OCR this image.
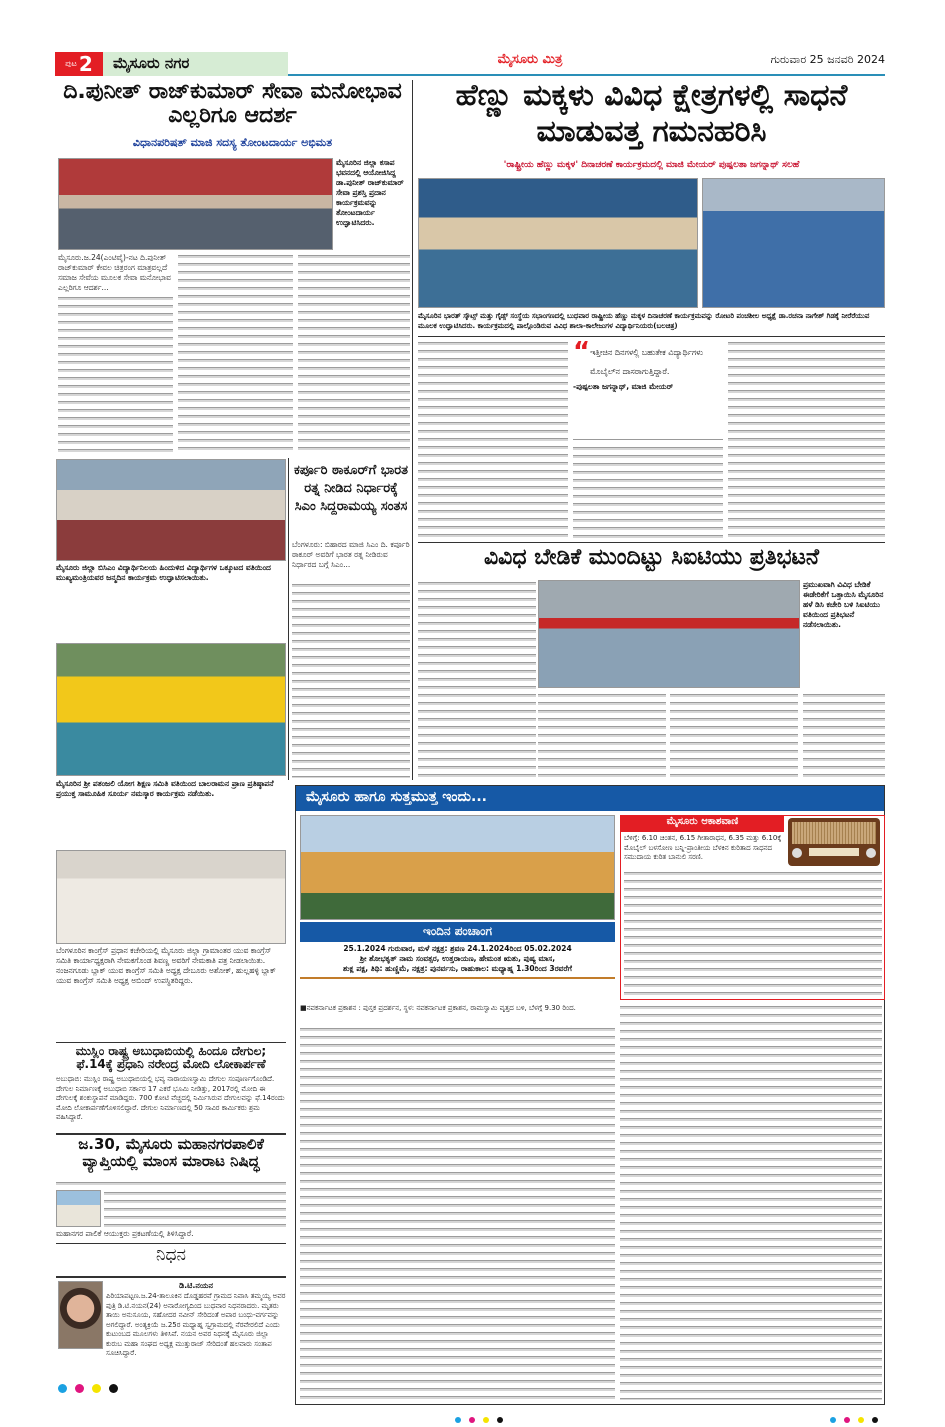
ಪುಟ 2	ಮೈಸೂರು ನಗರ	ಮೈಸೂರು ಮಿತ್ರ	ಗುರುವಾರ 25 ಜನವರಿ 2024
ದಿ.ಪುನೀತ್ ರಾಜ್‌ಕುಮಾರ್ ಸೇವಾ ಮನೋಭಾವ ಎಲ್ಲರಿಗೂ ಆದರ್ಶ
ವಿಧಾನಪರಿಷತ್ ಮಾಜಿ ಸದಸ್ಯ ತೋಂಟದಾರ್ಯ ಅಭಿಮತ
ಮೈಸೂರಿನ ಜಿಲ್ಲಾ ಕಸಾಪ ಭವನದಲ್ಲಿ ಆಯೋಜಿಸಿದ್ದ ಡಾ.ಪುನೀತ್ ರಾಜ್‌ಕುಮಾರ್ ಸೇವಾ ಪ್ರಶಸ್ತಿ ಪ್ರದಾನ ಕಾರ್ಯಕ್ರಮವನ್ನು ತೋಂಟದಾರ್ಯ ಉದ್ಘಾಟಿಸಿದರು.
ಮೈಸೂರು.ಜ.24(ಎಂಟಿವೈ)-ನಟ ದಿ.ಪುನೀತ್ ರಾಜ್‌ಕುಮಾರ್ ಕೇವಲ ಚಿತ್ರರಂಗ ಮಾತ್ರವಲ್ಲದೆ ಸಮಾಜ ಸೇವೆಯ ಮೂಲಕ ಸೇವಾ ಮನೋಭಾವ ಎಲ್ಲರಿಗೂ ಆದರ್ಶ...
ಮೈಸೂರು ಜಿಲ್ಲಾ ಬಿಸಿಎಂ ವಿದ್ಯಾರ್ಥಿನಿಲಯ ಹಿಂದುಳಿದ ವಿದ್ಯಾರ್ಥಿಗಳ ಒಕ್ಕೂಟದ ವತಿಯಿಂದ ಮುಖ್ಯಮಂತ್ರಿಯವರ ಜನ್ಮದಿನ ಕಾರ್ಯಕ್ರಮ ಉದ್ಘಾಟಿಸಲಾಯಿತು.
ಮೈಸೂರಿನ ಶ್ರೀ ಪತಂಜಲಿ ಯೋಗ ಶಿಕ್ಷಣ ಸಮಿತಿ ವತಿಯಿಂದ ಬಾಲರಾಮನ ಪ್ರಾಣ ಪ್ರತಿಷ್ಠಾಪನೆ ಪ್ರಯುಕ್ತ ಸಾಮೂಹಿಕ ಸೂರ್ಯ ನಮಸ್ಕಾರ ಕಾರ್ಯಕ್ರಮ ನಡೆಯಿತು.
ಬೆಂಗಳೂರಿನ ಕಾಂಗ್ರೆಸ್ ಪ್ರಧಾನ ಕಚೇರಿಯಲ್ಲಿ ಮೈಸೂರು ಜಿಲ್ಲಾ ಗ್ರಾಮಾಂತರ ಯುವ ಕಾಂಗ್ರೆಸ್ ಸಮಿತಿ ಕಾರ್ಯಾಧ್ಯಕ್ಷರಾಗಿ ನೇಮಕಗೊಂಡ ಶಿವಣ್ಣ ಅವರಿಗೆ ನೇಮಕಾತಿ ಪತ್ರ ನೀಡಲಾಯಿತು. ನಂಜನಗೂಡು ಬ್ಲಾಕ್ ಯುವ ಕಾಂಗ್ರೆಸ್ ಸಮಿತಿ ಅಧ್ಯಕ್ಷ ದೇಬೂರು ಅಶೋಕ್, ಹುಲ್ಲಹಳ್ಳಿ ಬ್ಲಾಕ್ ಯುವ ಕಾಂಗ್ರೆಸ್ ಸಮಿತಿ ಅಧ್ಯಕ್ಷ ಅಬಿಂದ್ ಉಪಸ್ಥಿತರಿದ್ದರು.
ಮುಸ್ಲಿಂ ರಾಷ್ಟ್ರ ಅಬುಧಾಬಿಯಲ್ಲಿ ಹಿಂದೂ ದೇಗುಲ; ಫೆ.14ಕ್ಕೆ ಪ್ರಧಾನಿ ನರೇಂದ್ರ ಮೋದಿ ಲೋಕಾರ್ಪಣೆ
ಅಬುಧಾಬಿ: ಮುಸ್ಲಿಂ ರಾಷ್ಟ್ರ ಅಬುಧಾಬಿಯಲ್ಲಿ ಭವ್ಯ ನಾರಾಯಣಸ್ವಾಮಿ ದೇಗುಲ ಸಂಪೂರ್ಣಗೊಂಡಿದೆ. ದೇಗುಲ ನಿರ್ಮಾಣಕ್ಕೆ ಅಬುಧಾಬಿ ಸರ್ಕಾರ 17 ಎಕರೆ ಭೂಮಿ ನೀಡಿತ್ತು, 2017ರಲ್ಲಿ ಮೋದಿ ಈ ದೇಗುಲಕ್ಕೆ ಶಂಕುಸ್ಥಾಪನೆ ಮಾಡಿದ್ದರು. 700 ಕೋಟಿ ವೆಚ್ಚದಲ್ಲಿ ನಿರ್ಮಿಸಿರುವ ದೇಗುಲವನ್ನು ಫೆ.14ರಂದು ಮೋದಿ ಲೋಕಾರ್ಪಣೆಗೊಳಿಸಲಿದ್ದಾರೆ. ದೇಗುಲ ನಿರ್ಮಾಣದಲ್ಲಿ 50 ಸಾವಿರ ಕಾರ್ಮಿಕರು ಶ್ರಮ ವಹಿಸಿದ್ದಾರೆ.
ಜ.30, ಮೈಸೂರು ಮಹಾನಗರಪಾಲಿಕೆ ವ್ಯಾಪ್ತಿಯಲ್ಲಿ ಮಾಂಸ ಮಾರಾಟ ನಿಷಿದ್ಧ
ಮಹಾನಗರ ಪಾಲಿಕೆ ಆಯುಕ್ತರು ಪ್ರಕಟಣೆಯಲ್ಲಿ ತಿಳಿಸಿದ್ದಾರೆ.
ನಿಧನ
ಡಿ.ಟಿ.ನಯನ
ಪಿರಿಯಾಪಟ್ಟಣ.ಜ.24-ತಾಲೂಕಿನ ದೊಡ್ಡಹರವೆ ಗ್ರಾಮದ ನಿವಾಸಿ ತಮ್ಮಯ್ಯ ಅವರ ಪುತ್ರಿ ಡಿ.ಟಿ.ನಯನ(24) ಅನಾರೋಗ್ಯದಿಂದ ಬುಧವಾರ ನಿಧನರಾದರು. ಮೃತರು ತಾಯಿ ಅನುಸೂಯ, ಸಹೋದರ ನವೀನ್ ಸೇರಿದಂತೆ ಅಪಾರ ಬಂಧು-ವರ್ಗವನ್ನು ಅಗಲಿದ್ದಾರೆ. ಅಂತ್ಯಕ್ರಿಯೆ ಜ.25ರ ಮಧ್ಯಾಹ್ನ ಸ್ವಗ್ರಾಮದಲ್ಲಿ ನೆರವೇರಲಿದೆ ಎಂದು ಕುಟುಂಬದ ಮೂಲಗಳು ತಿಳಿಸಿವೆ. ನಯನ ಅವರ ನಿಧನಕ್ಕೆ ಮೈಸೂರು ಜಿಲ್ಲಾ ಕುರುಬ ಮಹಾ ಸಂಘದ ಅಧ್ಯಕ್ಷ ಮುತ್ತುರಾಜ್ ಸೇರಿದಂತೆ ಹಲವಾರು ಸಂತಾಪ ಸೂಚಿಸಿದ್ದಾರೆ.
ಕರ್ಪೂರಿ ಠಾಕೂರ್‌ಗೆ ಭಾರತ ರತ್ನ ನೀಡಿದ ನಿರ್ಧಾರಕ್ಕೆ ಸಿಎಂ ಸಿದ್ದರಾಮಯ್ಯ ಸಂತಸ
ಬೆಂಗಳೂರು: ಬಿಹಾರದ ಮಾಜಿ ಸಿಎಂ ದಿ. ಕರ್ಪೂರಿ ಠಾಕೂರ್ ಅವರಿಗೆ ಭಾರತ ರತ್ನ ನೀಡಿರುವ ನಿರ್ಧಾರದ ಬಗ್ಗೆ ಸಿಎಂ...
ಹೆಣ್ಣು ಮಕ್ಕಳು ವಿವಿಧ ಕ್ಷೇತ್ರಗಳಲ್ಲಿ ಸಾಧನೆ ಮಾಡುವತ್ತ ಗಮನಹರಿಸಿ
'ರಾಷ್ಟ್ರೀಯ ಹೆಣ್ಣು ಮಕ್ಕಳ' ದಿನಾಚರಣೆ ಕಾರ್ಯಕ್ರಮದಲ್ಲಿ ಮಾಜಿ ಮೇಯರ್ ಪುಷ್ಪಲತಾ ಜಗನ್ನಾಥ್ ಸಲಹೆ
ಮೈಸೂರಿನ ಭಾರತ್ ಸ್ಕೌಟ್ಸ್ ಮತ್ತು ಗೈಡ್ಸ್ ಸಂಸ್ಥೆಯ ಸಭಾಂಗಣದಲ್ಲಿ ಬುಧವಾರ ರಾಷ್ಟ್ರೀಯ ಹೆಣ್ಣು ಮಕ್ಕಳ ದಿನಾಚರಣೆ ಕಾರ್ಯಕ್ರಮವನ್ನು ರೋಟರಿ ಪಂಚಶೀಲ ಅಧ್ಯಕ್ಷೆ ಡಾ.ರಚನಾ ನಾಗೇಶ್ ಗಿಡಕ್ಕೆ ನೀರೆರೆಯುವ ಮೂಲಕ ಉದ್ಘಾಟಿಸಿದರು. ಕಾರ್ಯಕ್ರಮದಲ್ಲಿ ಪಾಲ್ಗೊಂಡಿರುವ ವಿವಿಧ ಶಾಲಾ-ಕಾಲೇಜುಗಳ ವಿದ್ಯಾರ್ಥಿನಿಯರು(ಬಲಚಿತ್ರ)
“ ಇತ್ತೀಚಿನ ದಿನಗಳಲ್ಲಿ ಬಹುತೇಕ ವಿದ್ಯಾರ್ಥಿಗಳು ಮೊಬೈಲ್‌ನ ದಾಸರಾಗುತ್ತಿದ್ದಾರೆ.
-ಪುಷ್ಪಲತಾ ಜಗನ್ನಾಥ್, ಮಾಜಿ ಮೇಯರ್
ವಿವಿಧ ಬೇಡಿಕೆ ಮುಂದಿಟ್ಟು ಸಿಐಟಿಯು ಪ್ರತಿಭಟನೆ
ಪ್ರಮುಖವಾಗಿ ವಿವಿಧ ಬೇಡಿಕೆ ಈಡೇರಿಕೆಗೆ ಒತ್ತಾಯಿಸಿ ಮೈಸೂರಿನ ಹಳೆ ಡಿಸಿ ಕಚೇರಿ ಬಳಿ ಸಿಐಟಿಯು ವತಿಯಿಂದ ಪ್ರತಿಭಟನೆ ನಡೆಸಲಾಯಿತು.
ಮೈಸೂರು ಹಾಗೂ ಸುತ್ತಮುತ್ತ ಇಂದು...
ಇಂದಿನ ಪಂಚಾಂಗ
25.1.2024 ಗುರುವಾರ, ಮಳೆ ನಕ್ಷತ್ರ: ಶ್ರವಣ 24.1.2024ರಿಂದ 05.02.2024
ಶ್ರೀ ಶೋಭಕೃತ್ ನಾಮ ಸಂವತ್ಸರ, ಉತ್ತರಾಯಣ, ಹೇಮಂತ ಋತು, ಪುಷ್ಯ ಮಾಸ,
ಶುಕ್ಲ ಪಕ್ಷ, ತಿಥಿ: ಹುಣ್ಣಿಮೆ, ನಕ್ಷತ್ರ: ಪುನರ್ವಸು, ರಾಹುಕಾಲ: ಮಧ್ಯಾಹ್ನ 1.30ರಿಂದ 3ರವರೆಗೆ
ಮೈಸೂರು ಆಕಾಶವಾಣಿ
ಬೆಳಿಗ್ಗೆ: 6.10 ಚಿಂತನ, 6.15 ಗೀತಾರಾಧನ, 6.35 ಮತ್ತು 6.10ಕ್ಕೆ ಮೊಬೈಲ್ ಬಳಸೋಣ ಬನ್ನಿ-ಪ್ರಾಂತೀಯ ಬೆಳಕಿನ ಕುರಿತಾದ ಸಾಧನದ ಸಮುದಾಯ ಕುರಿತ ಬಾನುಲಿ ಸರಣಿ.
■ನವಕರ್ನಾಟಕ ಪ್ರಕಾಶನ : ಪುಸ್ತಕ ಪ್ರದರ್ಶನ, ಸ್ಥಳ: ನವಕರ್ನಾಟಕ ಪ್ರಕಾಶನ, ರಾಮಸ್ವಾಮಿ ವೃತ್ತದ ಬಳಿ, ಬೆಳಗ್ಗೆ 9.30 ರಿಂದ.
